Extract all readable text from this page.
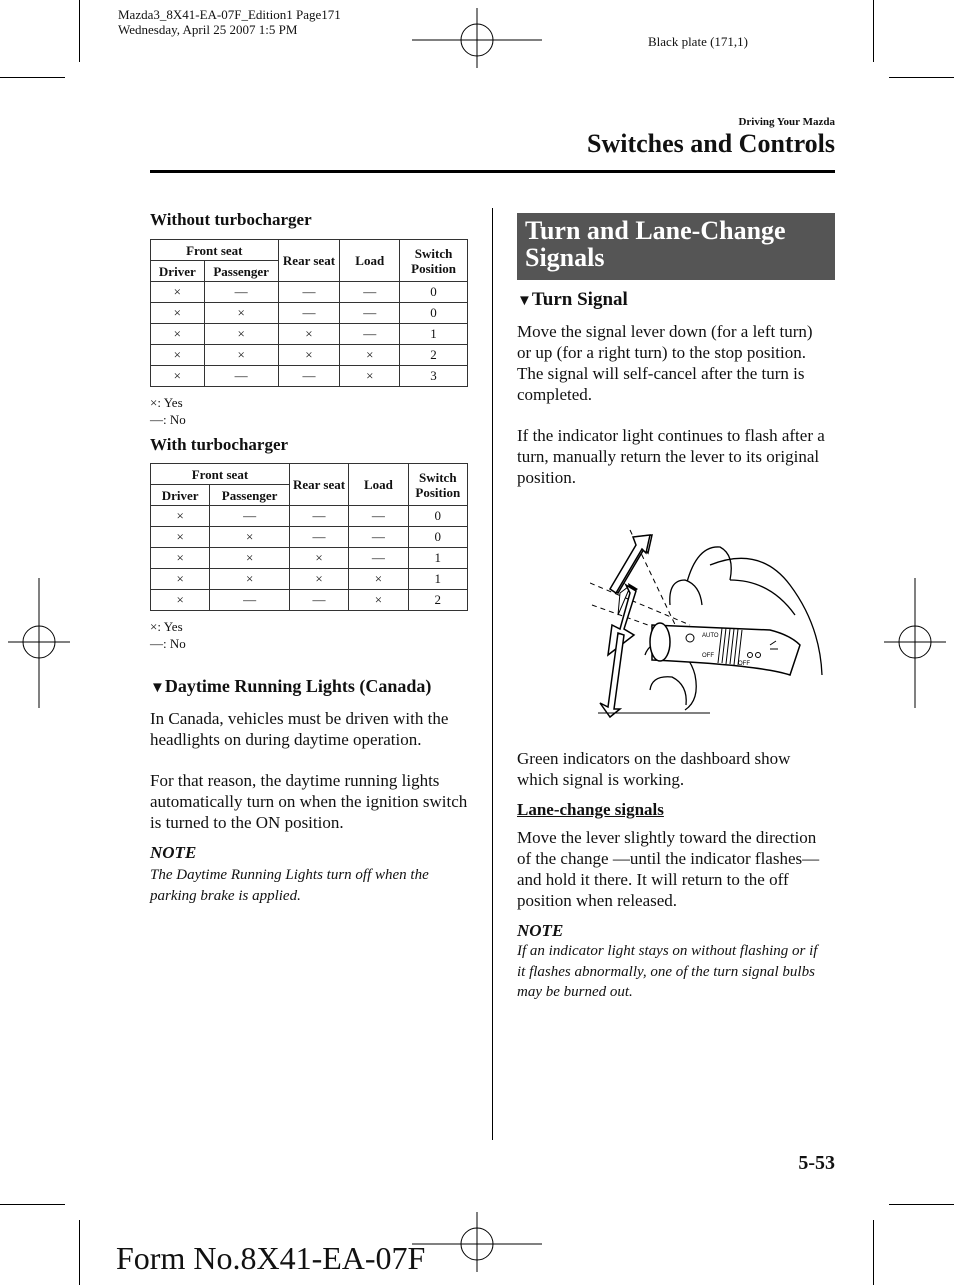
Mazda3_8X41-EA-07F_Edition1 Page171
Wednesday, April 25 2007 1:5 PM
Black plate (171,1)
Driving Your Mazda
Switches and Controls
Without turbocharger
Front seat		Rear seat	Load	Switch Position
Driver	Passenger			
×	—	—	—	0
×	×	—	—	0
×	×	×	—	1
×	×	×	×	2
×	—	—	×	3
×: Yes
—: No
With turbocharger
Front seat		Rear seat	Load	Switch Position
Driver	Passenger			
×	—	—	—	0
×	×	—	—	0
×	×	×	—	1
×	×	×	×	1
×	—	—	×	2
×: Yes
—: No
▼Daytime Running Lights (Canada)

In Canada, vehicles must be driven with the headlights on during daytime operation.

For that reason, the daytime running lights automatically turn on when the ignition switch is turned to the ON position.

NOTE
The Daytime Running Lights turn off when the parking brake is applied.
Turn and Lane-Change
Signals
▼Turn Signal

Move the signal lever down (for a left turn) or up (for a right turn) to the stop position. The signal will self-cancel after the turn is completed.

If the indicator light continues to flash after a turn, manually return the lever to its original position.

AUTO
OFF
OFF

Green indicators on the dashboard show which signal is working.

Lane-change signals

Move the lever slightly toward the direction of the change ―until the indicator flashes― and hold it there. It will return to the off position when released.

NOTE
If an indicator light stays on without flashing or if it flashes abnormally, one of the turn signal bulbs may be burned out.
5-53
Form No.8X41-EA-07F
